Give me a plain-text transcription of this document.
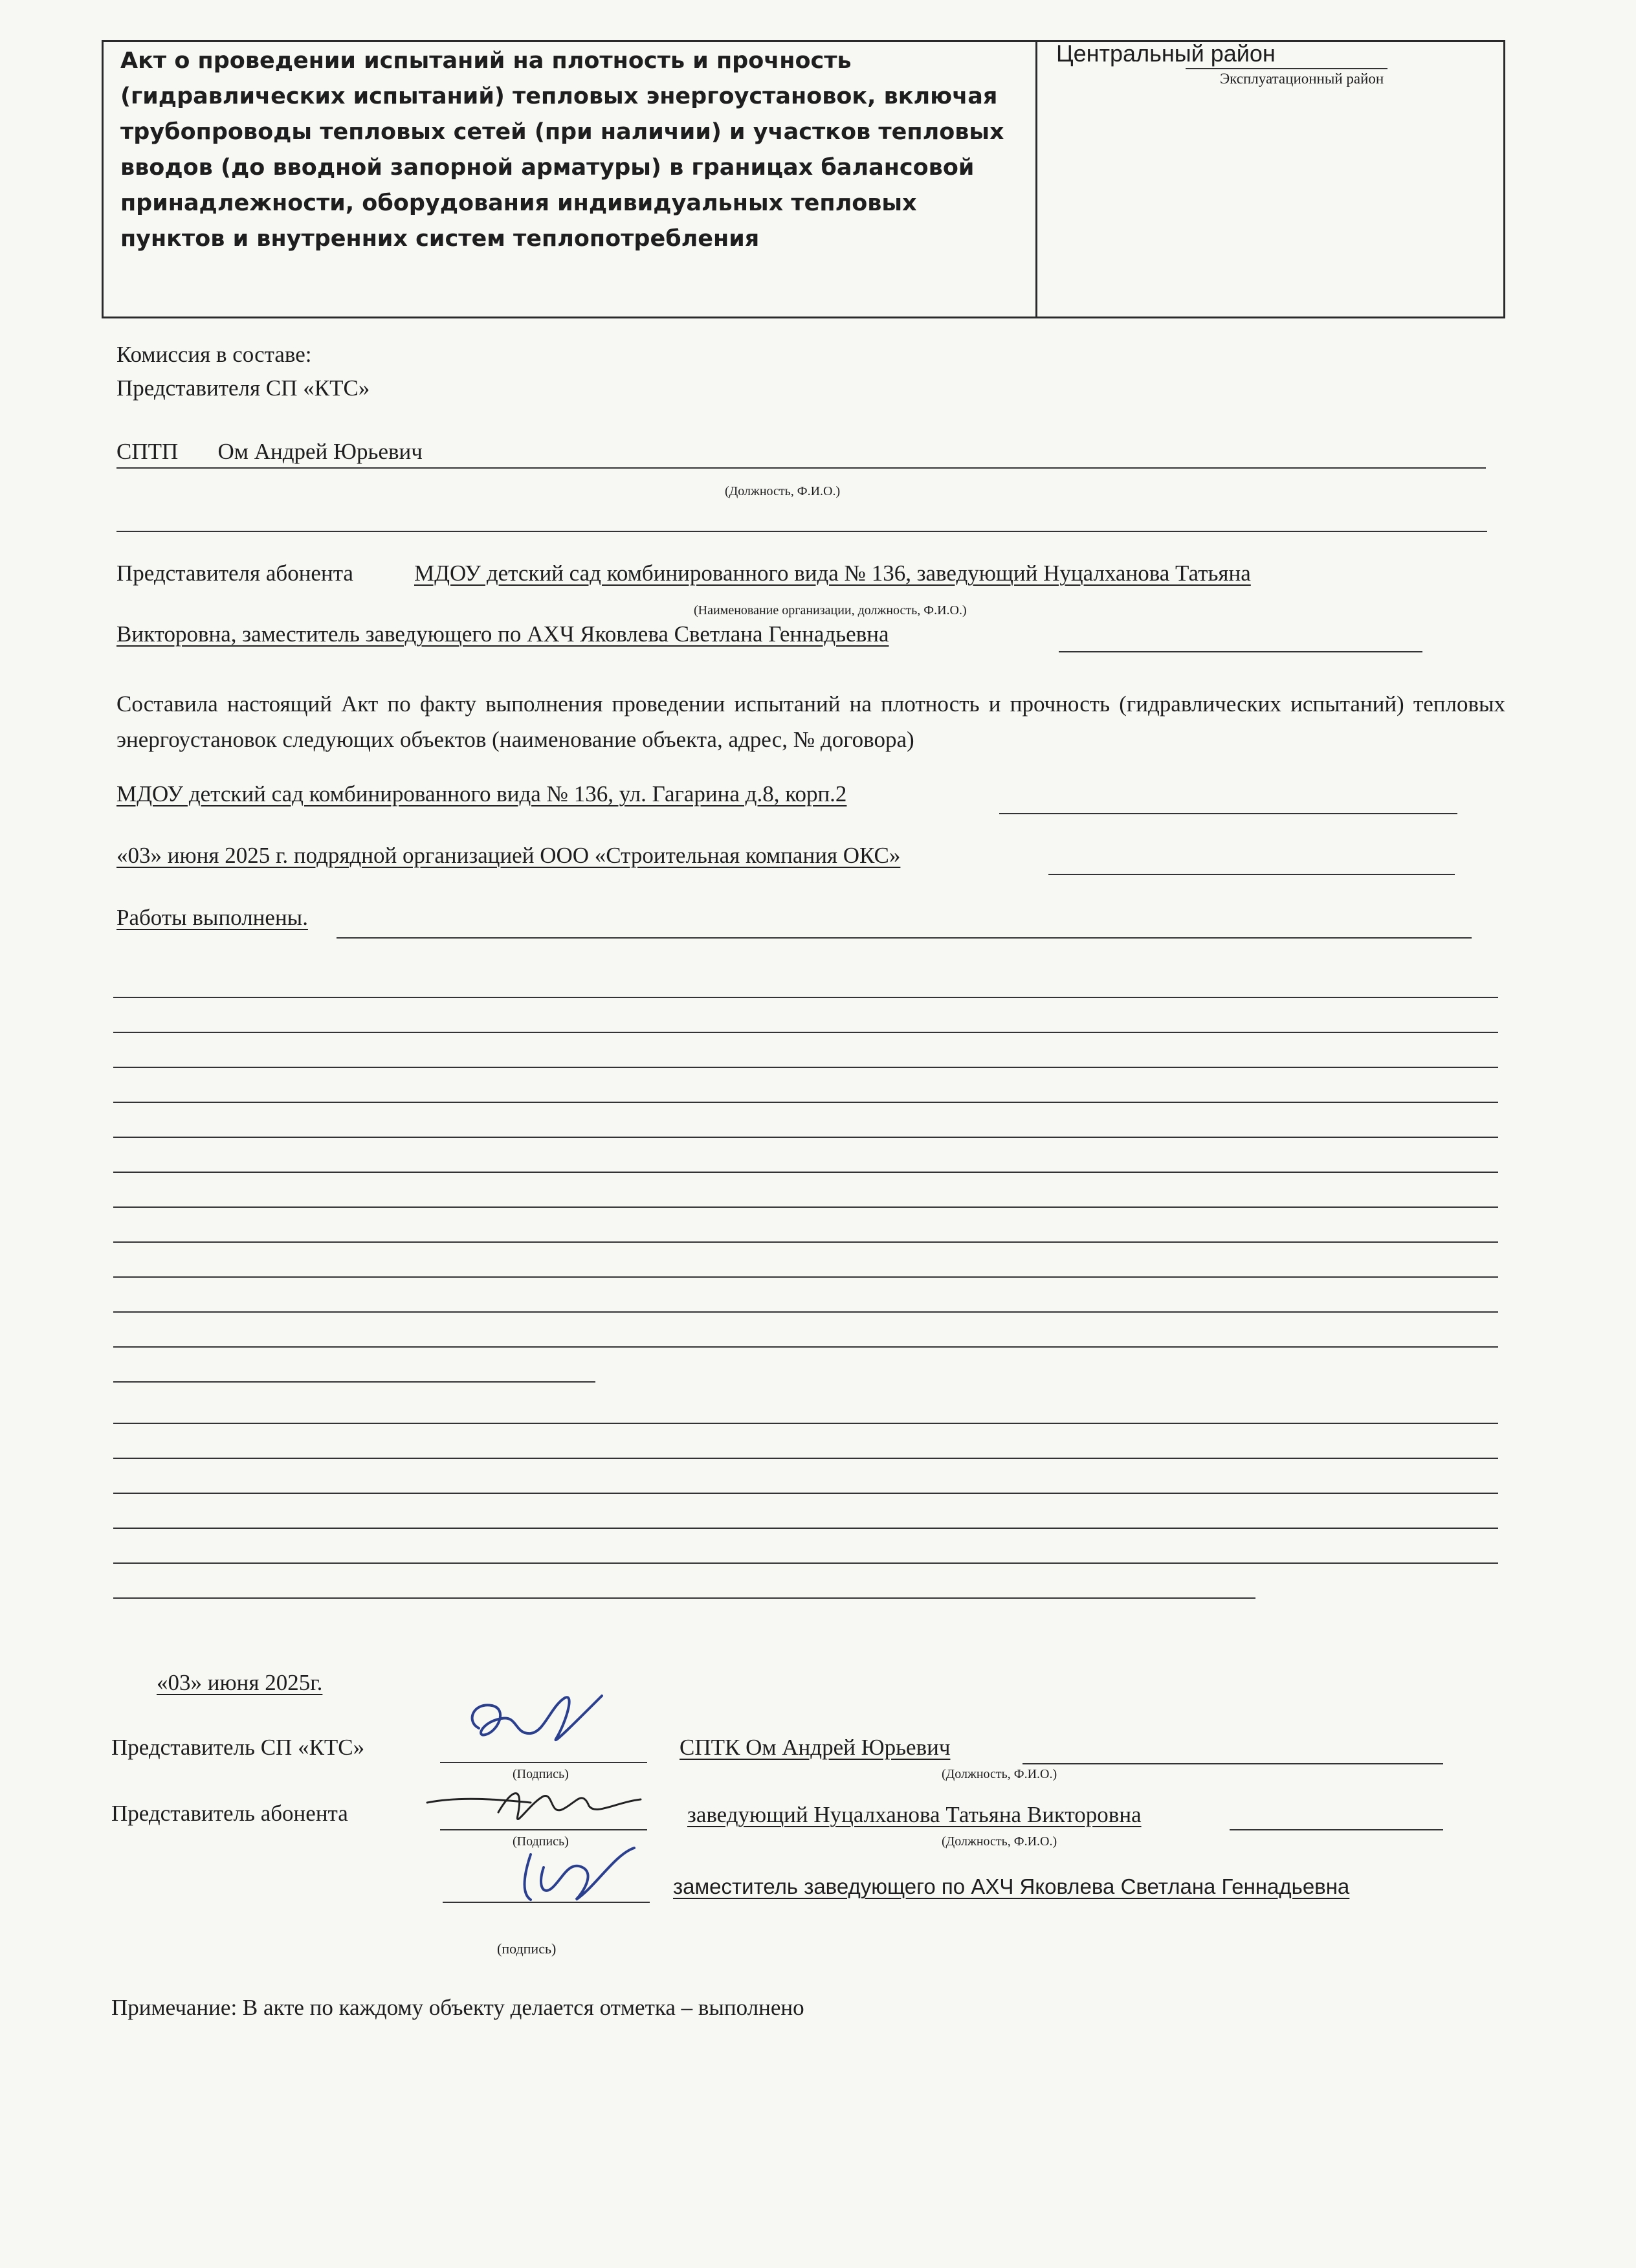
Акт о проведении испытаний на плотность и прочность (гидравлических испытаний) тепловых энергоустановок, включая трубопроводы тепловых сетей (при наличии) и участков тепловых вводов (до вводной запорной арматуры) в границах балансовой принадлежности, оборудования индивидуальных тепловых пунктов и внутренних систем теплопотребления
Центральный район
Эксплуатационный район
Комиссия в составе:
Представителя СП «КТС»
СПТП       Ом Андрей Юрьевич
(Должность, Ф.И.О.)
Представителя абонента	МДОУ детский сад комбинированного вида № 136, заведующий Нуцалханова Татьяна
(Наименование организации, должность, Ф.И.О.)
Викторовна, заместитель заведующего по АХЧ Яковлева Светлана Геннадьевна
Составила настоящий Акт по факту выполнения проведении испытаний на плотность и прочность (гидравлических испытаний) тепловых энергоустановок следующих объектов (наименование объекта, адрес, № договора)
МДОУ детский сад комбинированного вида № 136, ул. Гагарина д.8, корп.2
«03» июня 2025 г. подрядной организацией ООО «Строительная компания ОКС»
Работы выполнены.
«03» июня 2025г.
Представитель СП «КТС»
(Подпись)
СПТК Ом Андрей Юрьевич
(Должность, Ф.И.О.)
Представитель абонента
(Подпись)
заведующий Нуцалханова Татьяна Викторовна
(Должность, Ф.И.О.)
заместитель заведующего по АХЧ Яковлева Светлана Геннадьевна
(подпись)
Примечание: В акте по каждому объекту делается отметка – выполнено
